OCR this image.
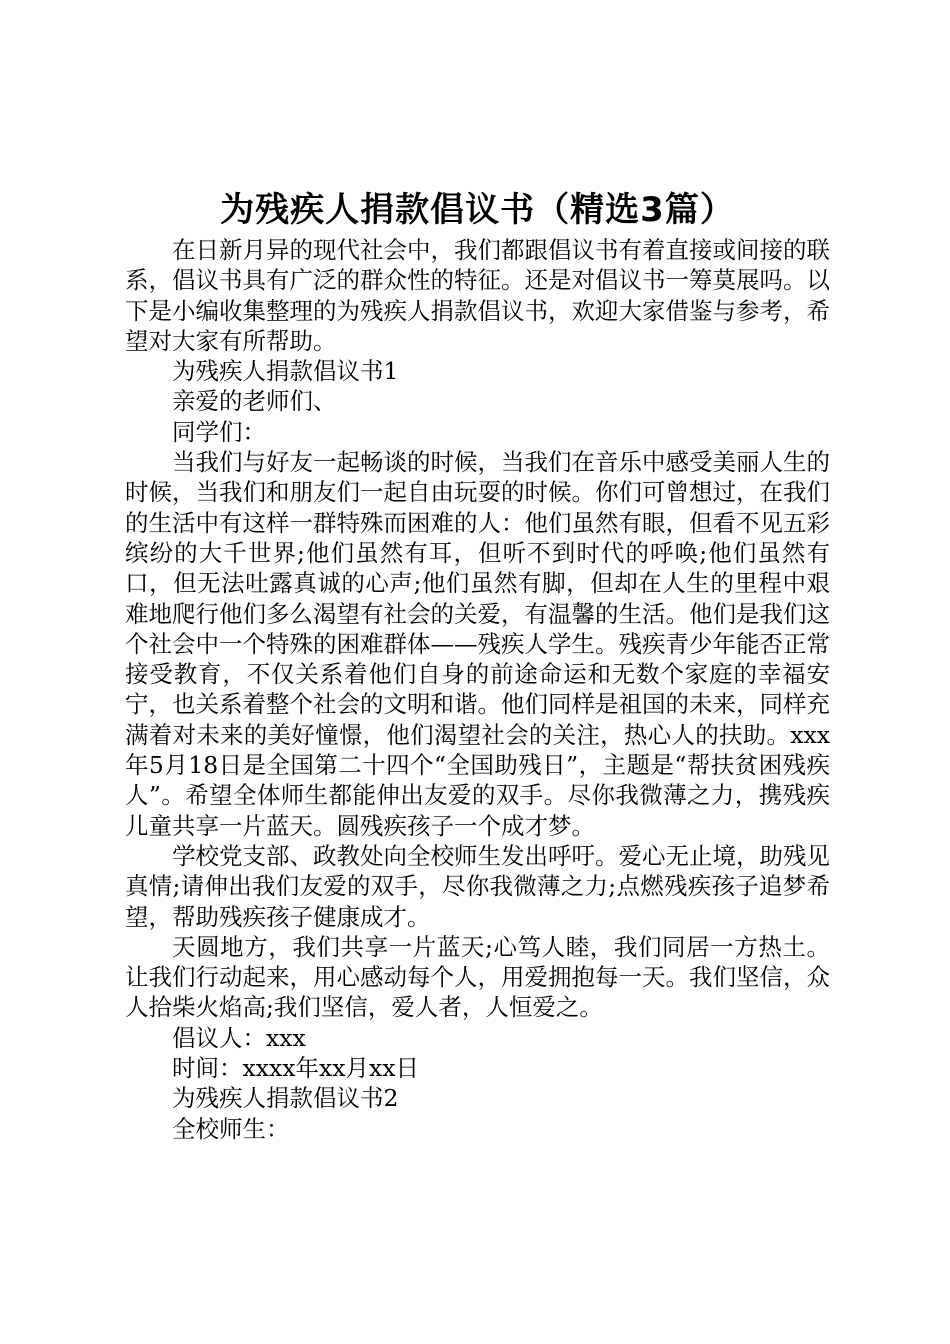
为残疾人捐款倡议书（精选3篇）

在日新月异的现代社会中，我们都跟倡议书有着直接或间接的联系，倡议书具有广泛的群众性的特征。还是对倡议书一筹莫展吗。以下是小编收集整理的为残疾人捐款倡议书，欢迎大家借鉴与参考，希望对大家有所帮助。

为残疾人捐款倡议书1

亲爱的老师们、

同学们：

当我们与好友一起畅谈的时候，当我们在音乐中感受美丽人生的时候，当我们和朋友们一起自由玩耍的时候。你们可曾想过，在我们的生活中有这样一群特殊而困难的人：他们虽然有眼，但看不见五彩缤纷的大千世界;他们虽然有耳，但听不到时代的呼唤;他们虽然有口，但无法吐露真诚的心声;他们虽然有脚，但却在人生的里程中艰难地爬行他们多么渴望有社会的关爱，有温馨的生活。他们是我们这个社会中一个特殊的困难群体——残疾人学生。残疾青少年能否正常接受教育，不仅关系着他们自身的前途命运和无数个家庭的幸福安宁，也关系着整个社会的文明和谐。他们同样是祖国的未来，同样充满着对未来的美好憧憬，他们渴望社会的关注，热心人的扶助。xxx年5月18日是全国第二十四个“全国助残日”，主题是“帮扶贫困残疾人”。希望全体师生都能伸出友爱的双手。尽你我微薄之力，携残疾儿童共享一片蓝天。圆残疾孩子一个成才梦。

学校党支部、政教处向全校师生发出呼吁。爱心无止境，助残见真情;请伸出我们友爱的双手，尽你我微薄之力;点燃残疾孩子追梦希望，帮助残疾孩子健康成才。

天圆地方，我们共享一片蓝天;心笃人睦，我们同居一方热土。让我们行动起来，用心感动每个人，用爱拥抱每一天。我们坚信，众人拾柴火焰高;我们坚信，爱人者，人恒爱之。

倡议人：xxx

时间：xxxx年xx月xx日

为残疾人捐款倡议书2

全校师生：
